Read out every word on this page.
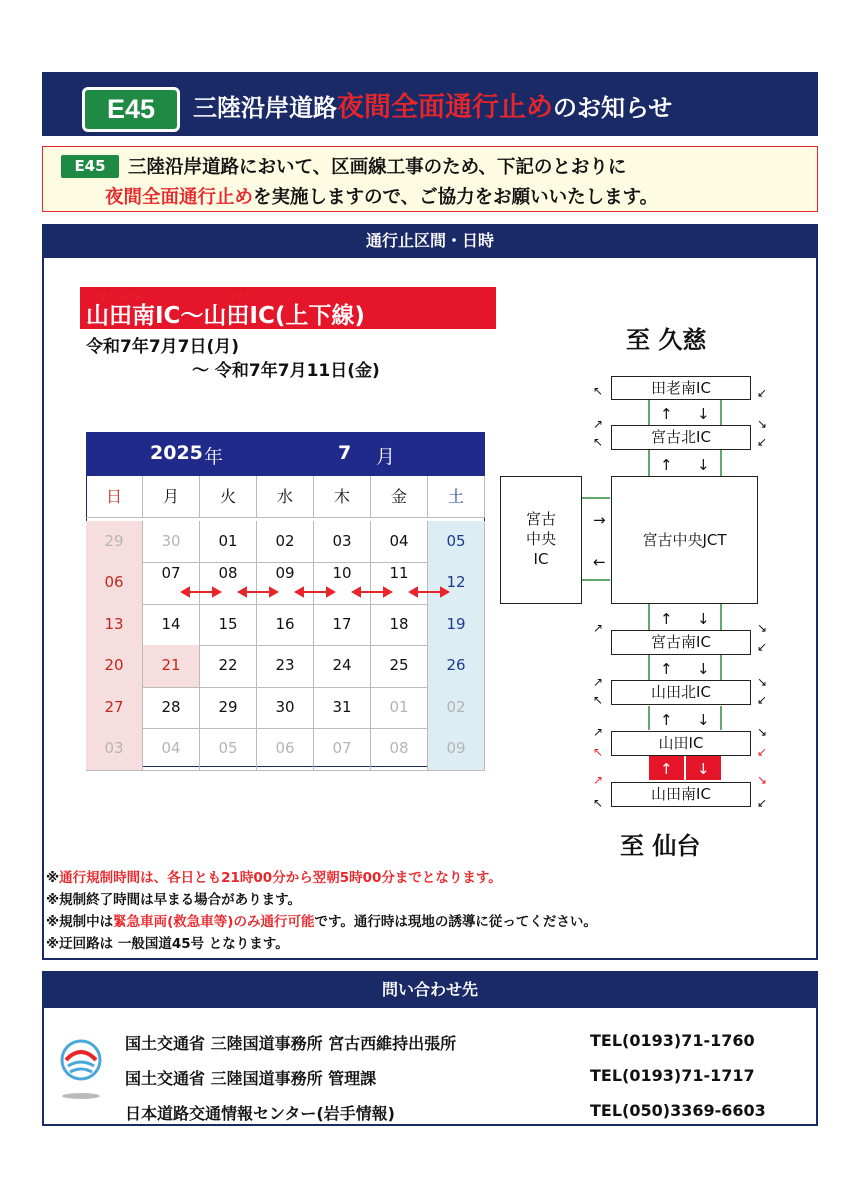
E45	三陸沿岸道路夜間全面通行止めのお知らせ
E45	三陸沿岸道路において、区画線工事のため、下記のとおりに
夜間全面通行止めを実施しますので、ご協力をお願いいたします。
通行止区間・日時
やまだみなみ	やまだ
山田南IC〜山田IC(上下線)
令和7年7月7日(月)
〜 令和7年7月11日(金)
2025 年	7 月
日	月	火	水	木	金	土
29	30	01	02	03	04	05
06	07	08	09	10	11	12
13	14	15	16	17	18	19
20	21	22	23	24	25	26
27	28	29	30	31	01	02
03	04	05	06	07	08	09
至 久慈
至 仙台
↑ ↓
↑ ↓
↑ ↓
↑ ↓
↑ ↓
→
←
↑ ↓
↖	↙
↗
↖
↘
↙
↗	↘
↙
↗
↖
↘
↙
↗	↘
↖	↙
↖	↙
↗	↘
田老南IC
宮古北IC
宮古中央JCT
宮古
中央
IC
宮古南IC
山田北IC
山田IC
山田南IC
※通行規制時間は、各日とも21時00分から翌朝5時00分までとなります。
※規制終了時間は早まる場合があります。
※規制中は緊急車両(救急車等)のみ通行可能です。通行時は現地の誘導に従ってください。
※迂回路は 一般国道45号 となります。
問い合わせ先
国土交通省 三陸国道事務所 宮古西維持出張所	TEL(0193)71-1760
国土交通省 三陸国道事務所 管理課	TEL(0193)71-1717
日本道路交通情報センター(岩手情報)	TEL(050)3369-6603
